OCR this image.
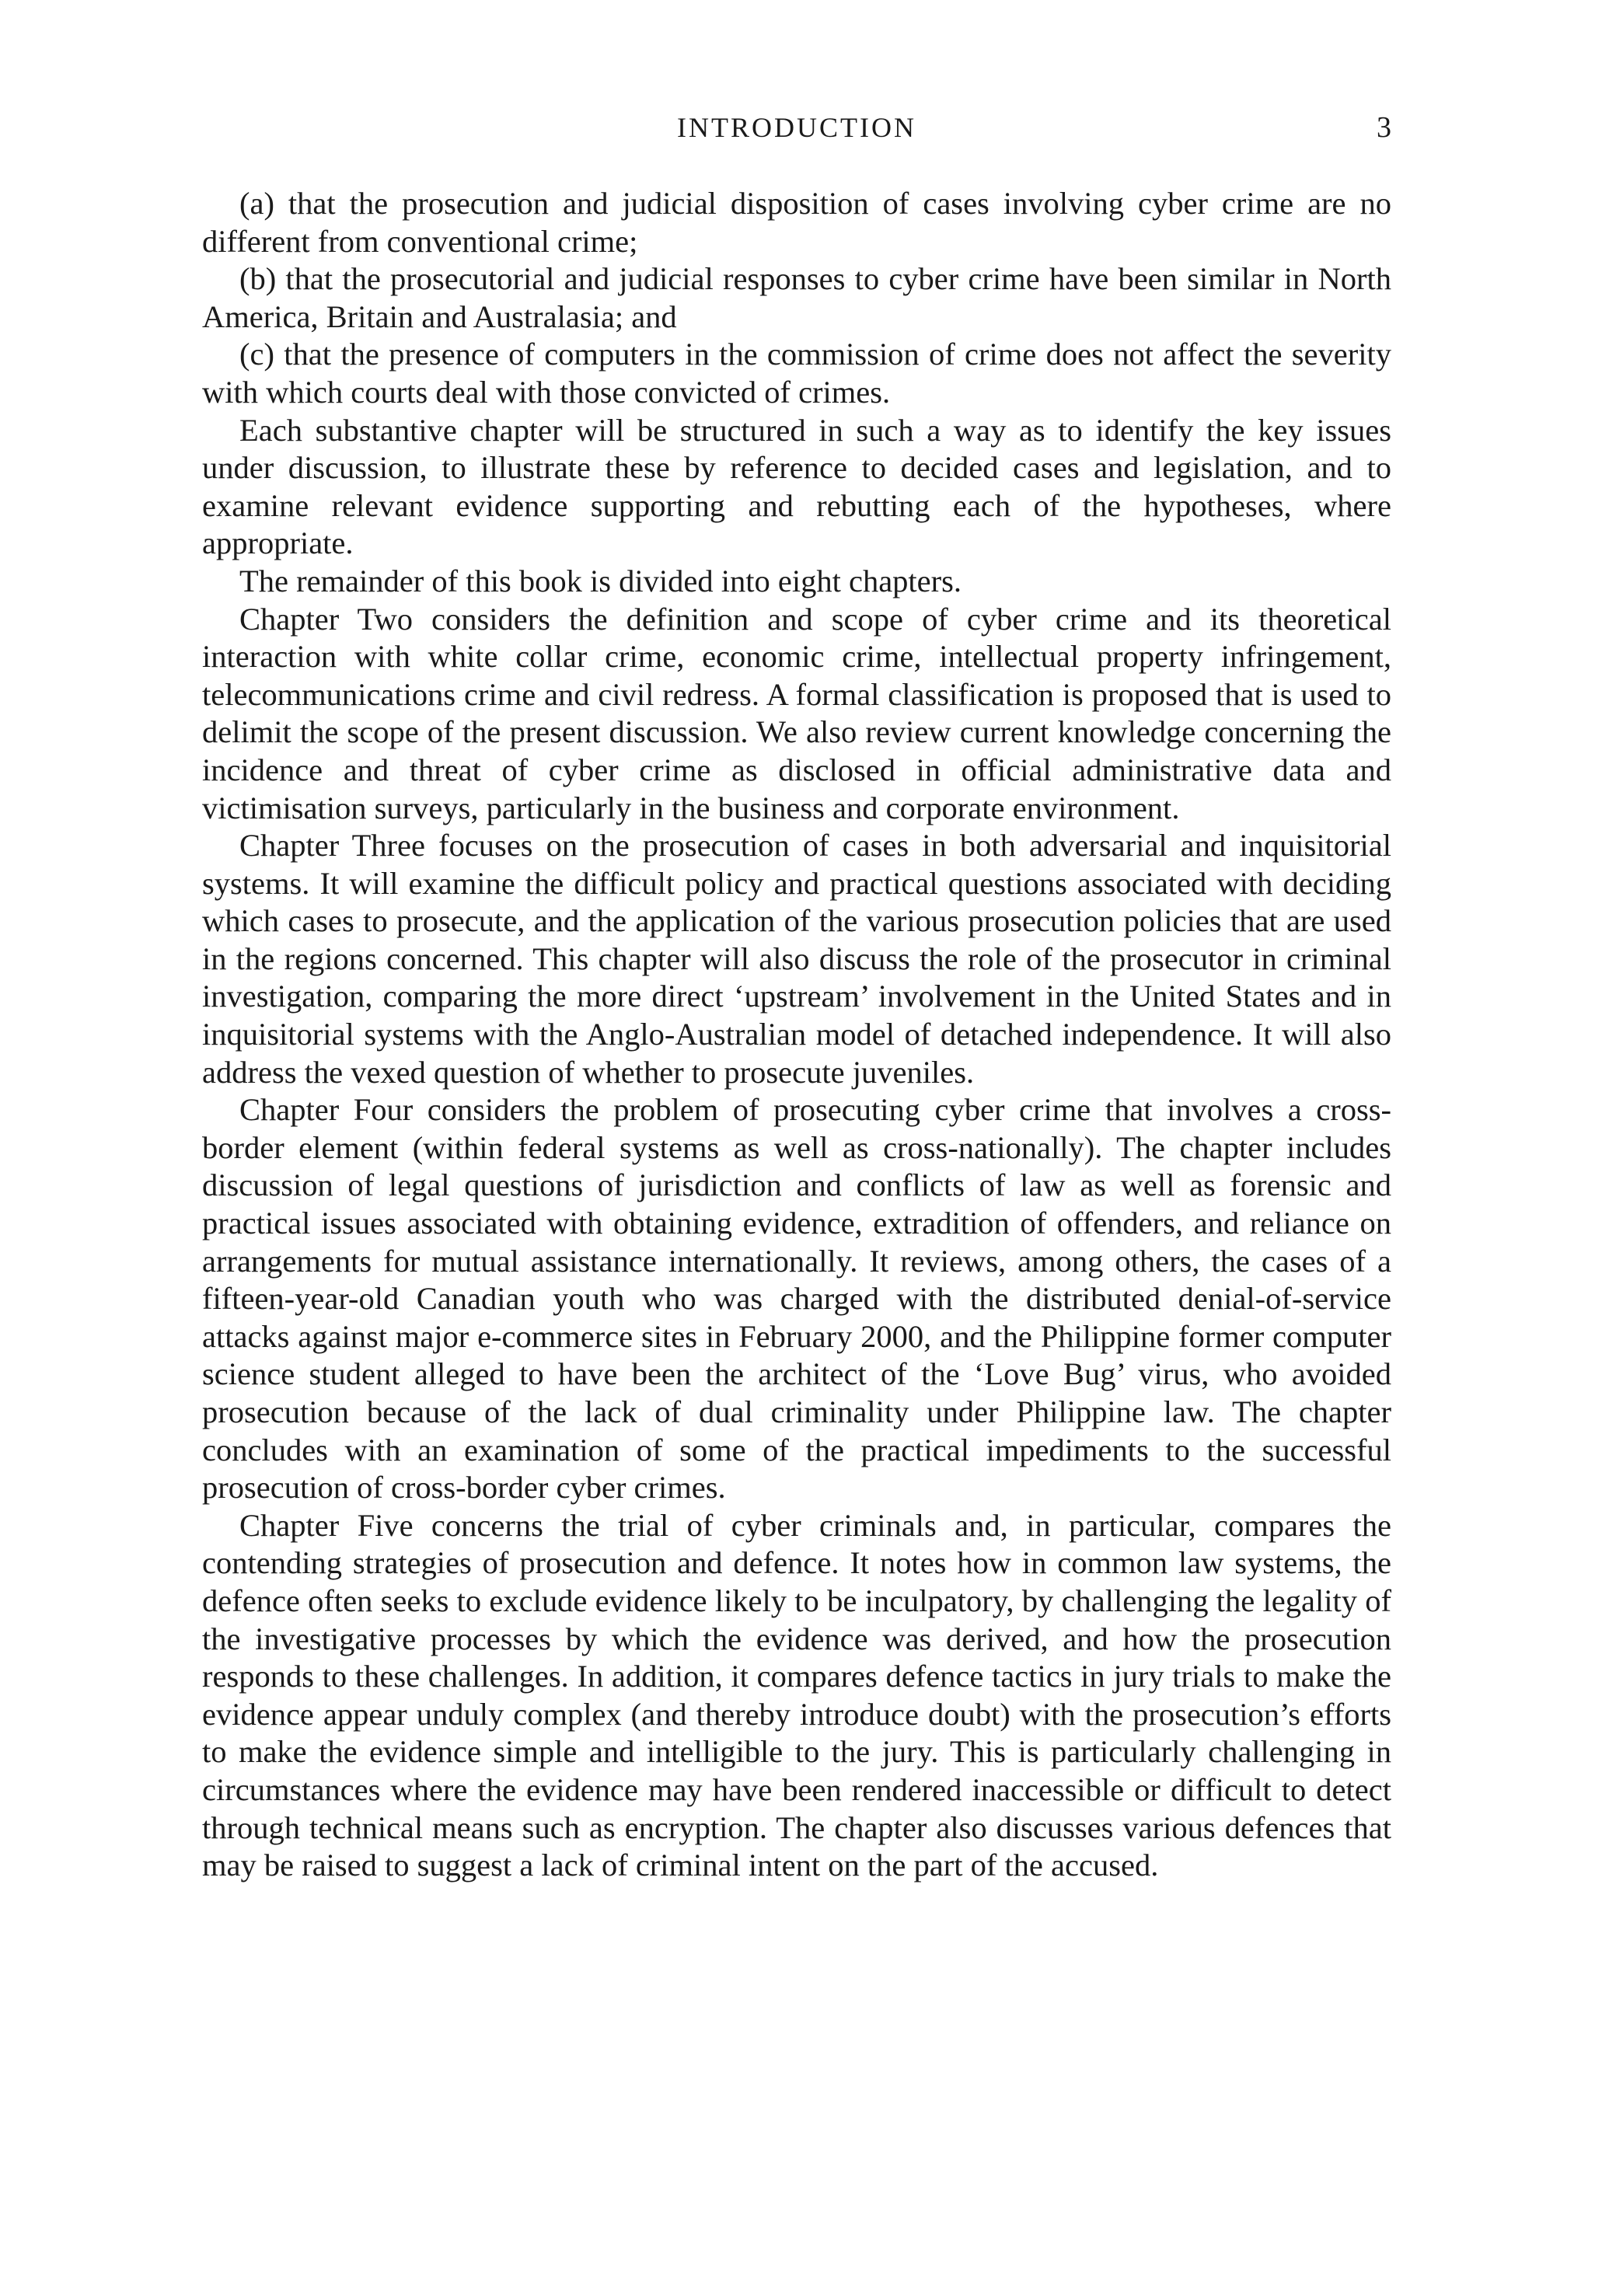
INTRODUCTION	3

(a) that the prosecution and judicial disposition of cases involving cyber crime are no different from conventional crime;

(b) that the prosecutorial and judicial responses to cyber crime have been similar in North America, Britain and Australasia; and

(c) that the presence of computers in the commission of crime does not affect the severity with which courts deal with those convicted of crimes.

Each substantive chapter will be structured in such a way as to identify the key issues under discussion, to illustrate these by reference to decided cases and legislation, and to examine relevant evidence supporting and rebutting each of the hypotheses, where appropriate.

The remainder of this book is divided into eight chapters.

Chapter Two considers the definition and scope of cyber crime and its theoretical interaction with white collar crime, economic crime, intellectual property infringement, telecommunications crime and civil redress. A formal classification is proposed that is used to delimit the scope of the present discussion. We also review current knowledge concerning the incidence and threat of cyber crime as disclosed in official administrative data and victimisation surveys, particularly in the business and corporate environment.

Chapter Three focuses on the prosecution of cases in both adversarial and inquisitorial systems. It will examine the difficult policy and practical questions associated with deciding which cases to prosecute, and the application of the various prosecution policies that are used in the regions concerned. This chapter will also discuss the role of the prosecutor in criminal investigation, comparing the more direct ‘upstream’ involvement in the United States and in inquisitorial systems with the Anglo-Australian model of detached independence. It will also address the vexed question of whether to prosecute juveniles.

Chapter Four considers the problem of prosecuting cyber crime that involves a cross-border element (within federal systems as well as cross-nationally). The chapter includes discussion of legal questions of jurisdiction and conflicts of law as well as forensic and practical issues associated with obtaining evidence, extradition of offenders, and reliance on arrangements for mutual assistance internationally. It reviews, among others, the cases of a fifteen-year-old Canadian youth who was charged with the distributed denial-of-service attacks against major e-commerce sites in February 2000, and the Philippine former computer science student alleged to have been the architect of the ‘Love Bug’ virus, who avoided prosecution because of the lack of dual criminality under Philippine law. The chapter concludes with an examination of some of the practical impediments to the successful prosecution of cross-border cyber crimes.

Chapter Five concerns the trial of cyber criminals and, in particular, compares the contending strategies of prosecution and defence. It notes how in common law systems, the defence often seeks to exclude evidence likely to be inculpatory, by challenging the legality of the investigative processes by which the evidence was derived, and how the prosecution responds to these challenges. In addition, it compares defence tactics in jury trials to make the evidence appear unduly complex (and thereby introduce doubt) with the prosecution’s efforts to make the evidence simple and intelligible to the jury. This is particularly challenging in circumstances where the evidence may have been rendered inaccessible or difficult to detect through technical means such as encryption. The chapter also discusses various defences that may be raised to suggest a lack of criminal intent on the part of the accused.
